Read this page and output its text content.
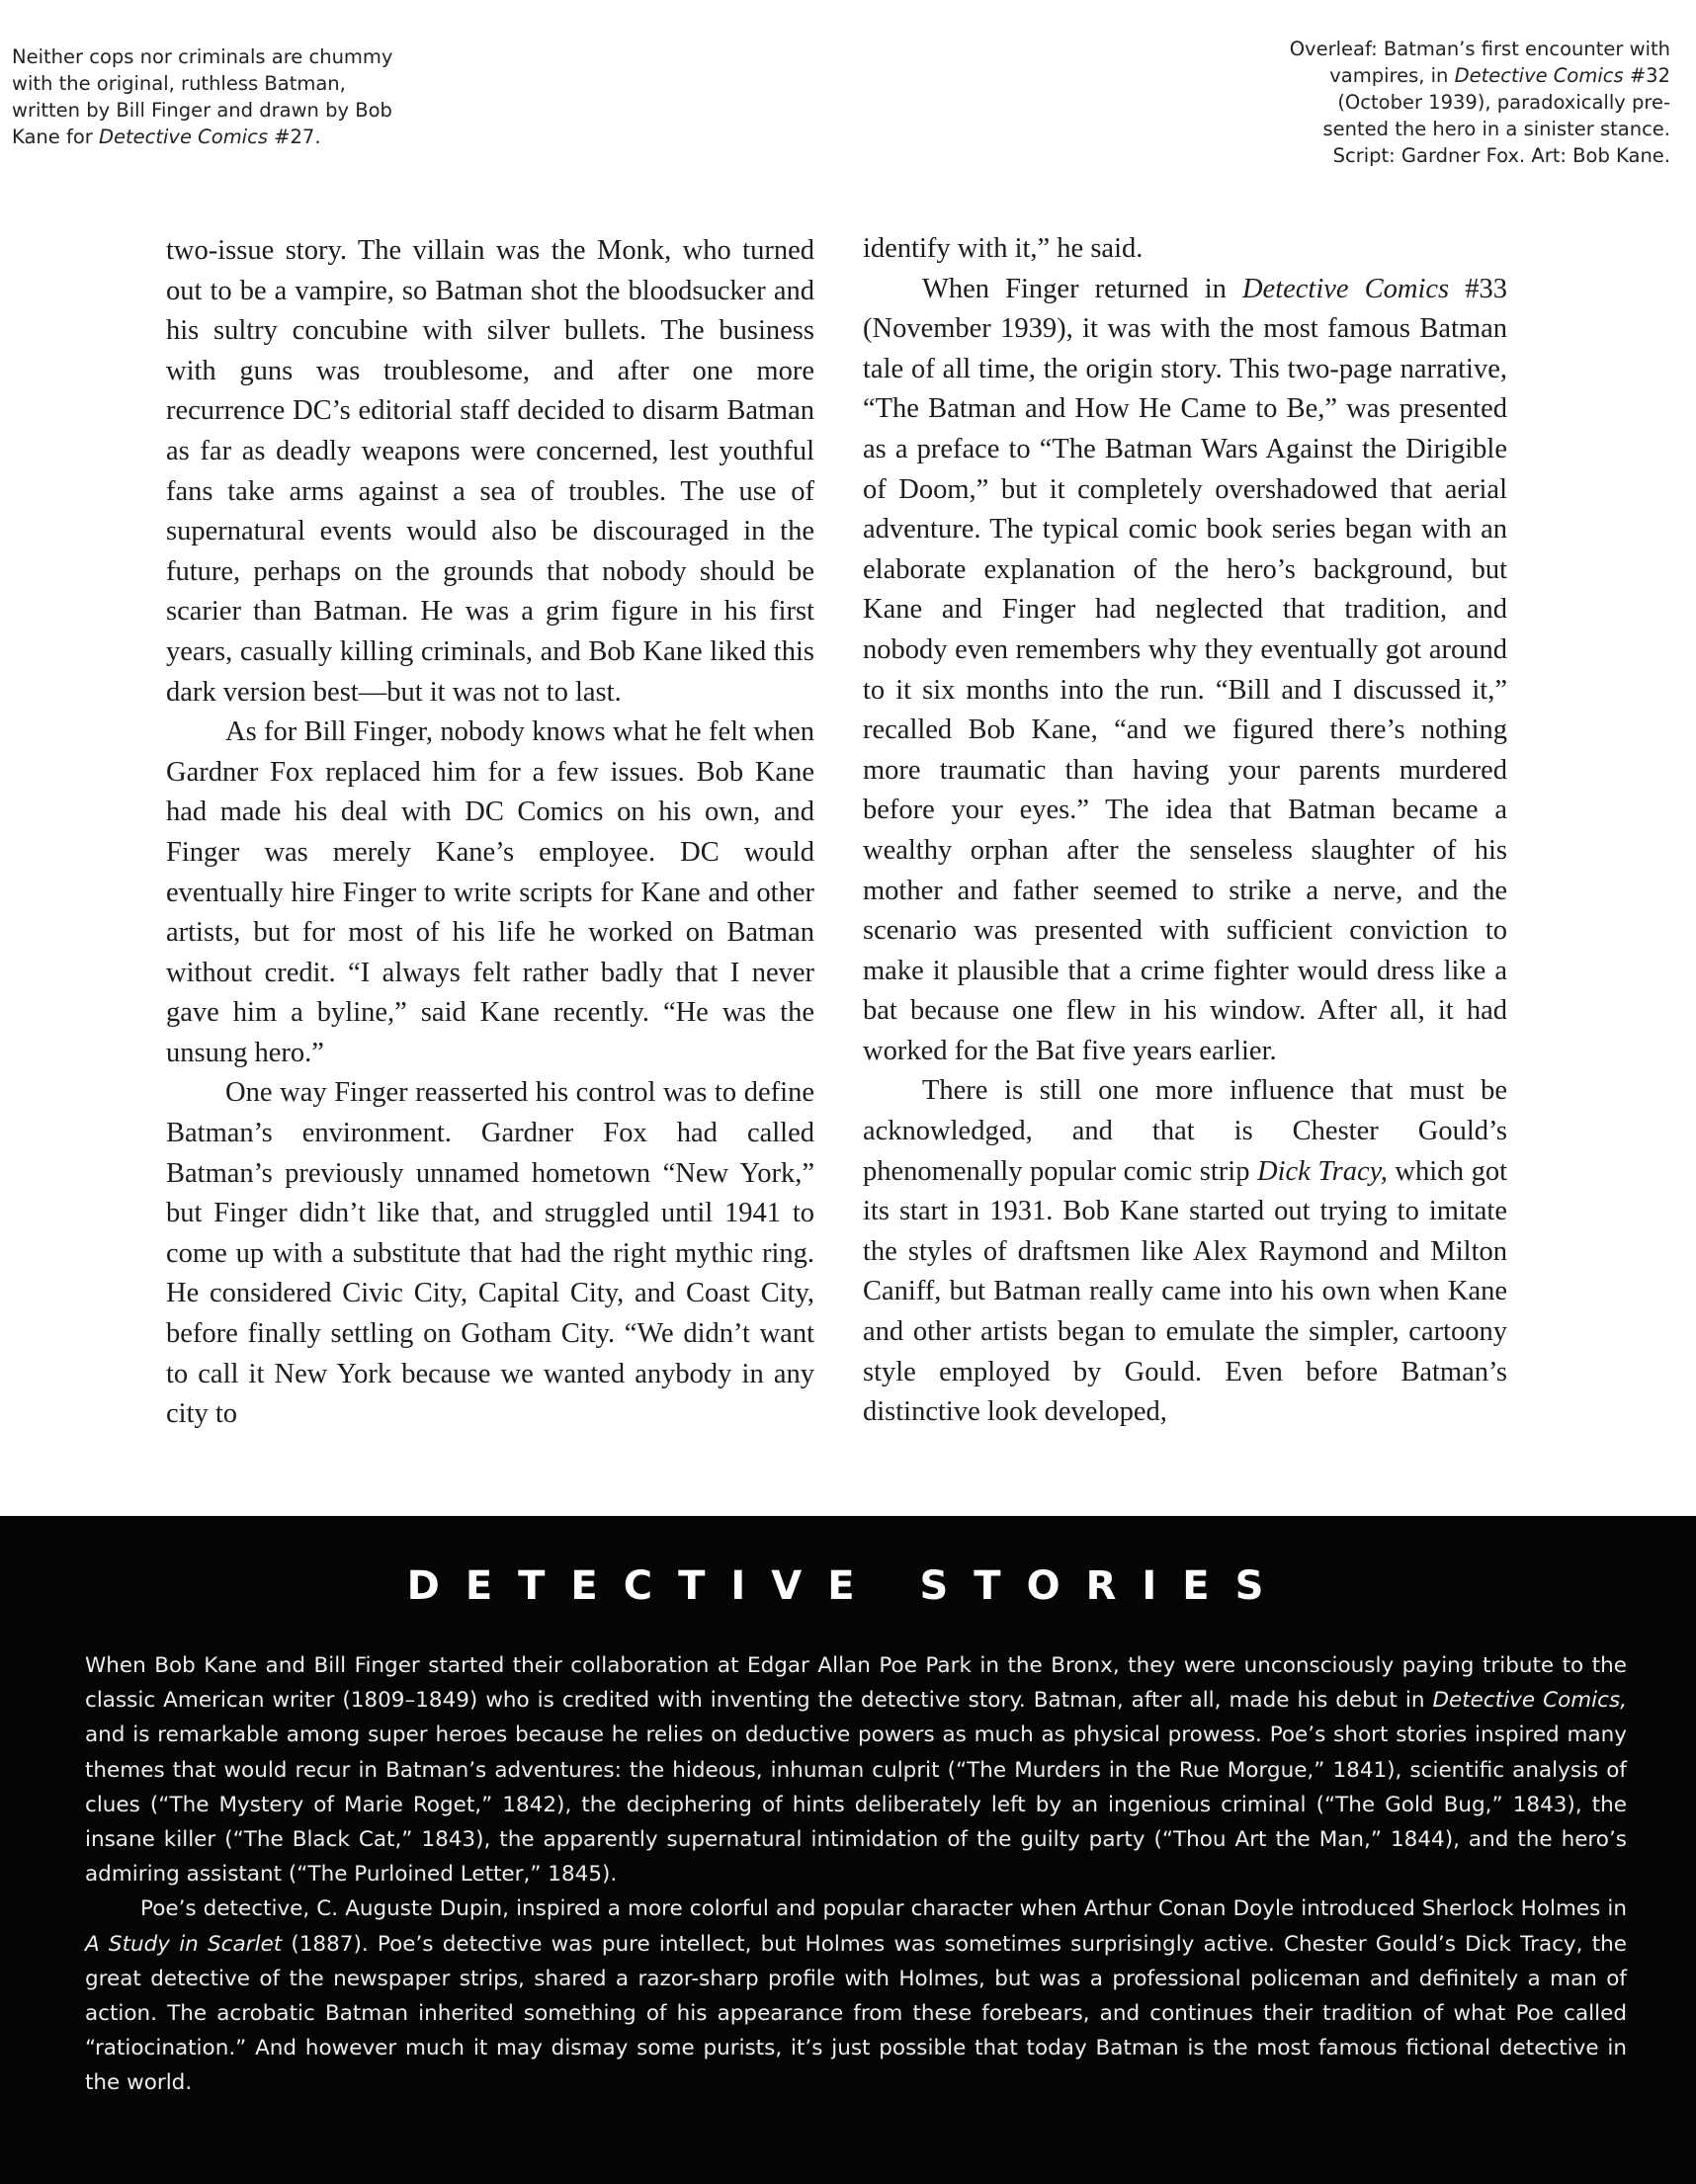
Neither cops nor criminals are chummy
with the original, ruthless Batman,
written by Bill Finger and drawn by Bob
Kane for Detective Comics #27.
Overleaf: Batman’s first encounter with
vampires, in Detective Comics #32
(October 1939), paradoxically pre-
sented the hero in a sinister stance.
Script: Gardner Fox. Art: Bob Kane.

two-issue story. The villain was the Monk, who turned out to be a vampire, so Batman shot the bloodsucker and his sultry concubine with silver bullets. The business with guns was troublesome, and after one more recurrence DC’s editorial staff decided to disarm Batman as far as deadly weapons were concerned, lest youthful fans take arms against a sea of troubles. The use of supernatural events would also be discouraged in the future, perhaps on the grounds that nobody should be scarier than Batman. He was a grim figure in his first years, casually killing criminals, and Bob Kane liked this dark version best—but it was not to last.

As for Bill Finger, nobody knows what he felt when Gardner Fox replaced him for a few issues. Bob Kane had made his deal with DC Comics on his own, and Finger was merely Kane’s employee. DC would eventually hire Finger to write scripts for Kane and other artists, but for most of his life he worked on Batman without credit. “I always felt rather badly that I never gave him a byline,” said Kane recently. “He was the unsung hero.”

One way Finger reasserted his control was to define Batman’s environment. Gardner Fox had called Batman’s previously unnamed hometown “New York,” but Finger didn’t like that, and struggled until 1941 to come up with a substitute that had the right mythic ring. He considered Civic City, Capital City, and Coast City, before finally settling on Gotham City. “We didn’t want to call it New York because we wanted anybody in any city to

identify with it,” he said.

When Finger returned in Detective Comics #33 (November 1939), it was with the most famous Batman tale of all time, the origin story. This two-page narrative, “The Batman and How He Came to Be,” was presented as a preface to “The Batman Wars Against the Dirigible of Doom,” but it completely overshadowed that aerial adventure. The typical comic book series began with an elaborate explanation of the hero’s background, but Kane and Finger had neglected that tradition, and nobody even remembers why they eventually got around to it six months into the run. “Bill and I discussed it,” recalled Bob Kane, “and we figured there’s nothing more traumatic than having your parents murdered before your eyes.” The idea that Batman became a wealthy orphan after the senseless slaughter of his mother and father seemed to strike a nerve, and the scenario was presented with sufficient conviction to make it plausible that a crime fighter would dress like a bat because one flew in his window. After all, it had worked for the Bat five years earlier.

There is still one more influence that must be acknowledged, and that is Chester Gould’s phenomenally popular comic strip Dick Tracy, which got its start in 1931. Bob Kane started out trying to imitate the styles of draftsmen like Alex Raymond and Milton Caniff, but Batman really came into his own when Kane and other artists began to emulate the simpler, cartoony style employed by Gould. Even before Batman’s distinctive look developed,

DETECTIVE STORIES

When Bob Kane and Bill Finger started their collaboration at Edgar Allan Poe Park in the Bronx, they were unconsciously paying tribute to the classic American writer (1809–1849) who is credited with inventing the detective story. Batman, after all, made his debut in Detective Comics, and is remarkable among super heroes because he relies on deductive powers as much as physical prowess. Poe’s short stories inspired many themes that would recur in Batman’s adventures: the hideous, inhuman culprit (“The Murders in the Rue Morgue,” 1841), scientific analysis of clues (“The Mystery of Marie Roget,” 1842), the deciphering of hints deliberately left by an ingenious criminal (“The Gold Bug,” 1843), the insane killer (“The Black Cat,” 1843), the apparently supernatural intimidation of the guilty party (“Thou Art the Man,” 1844), and the hero’s admiring assistant (“The Purloined Letter,” 1845).

Poe’s detective, C. Auguste Dupin, inspired a more colorful and popular character when Arthur Conan Doyle introduced Sherlock Holmes in A Study in Scarlet (1887). Poe’s detective was pure intellect, but Holmes was sometimes surprisingly active. Chester Gould’s Dick Tracy, the great detective of the newspaper strips, shared a razor-sharp profile with Holmes, but was a professional policeman and definitely a man of action. The acrobatic Batman inherited something of his appearance from these forebears, and continues their tradition of what Poe called “ratiocination.” And however much it may dismay some purists, it’s just possible that today Batman is the most famous fictional detective in the world.
